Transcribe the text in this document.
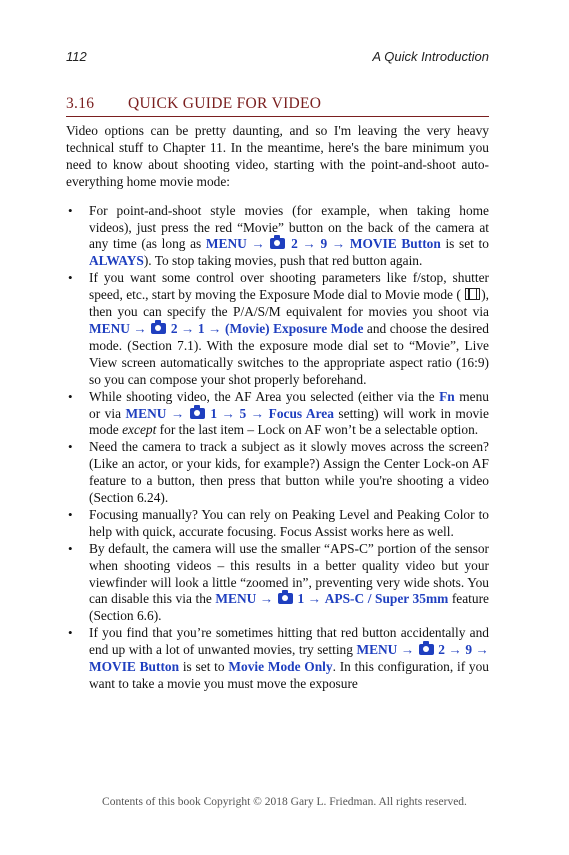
112	A Quick Introduction
3.16 QUICK GUIDE FOR VIDEO

Video options can be pretty daunting, and so I'm leaving the very heavy technical stuff to Chapter 11. In the meantime, here's the bare minimum you need to know about shooting video, starting with the point-and-shoot auto-everything home movie mode:

• For point-and-shoot style movies (for example, when taking home videos), just press the red “Movie” button on the back of the camera at any time (as long as MENU → 2 → 9 → MOVIE Button is set to ALWAYS). To stop taking movies, push that red button again.
• If you want some control over shooting parameters like f/stop, shutter speed, etc., start by moving the Exposure Mode dial to Movie mode ( ), then you can specify the P/A/S/M equivalent for movies you shoot via MENU → 2 → 1 → (Movie) Exposure Mode and choose the desired mode. (Section 7.1). With the exposure mode dial set to “Movie”, Live View screen automatically switches to the appropriate aspect ratio (16:9) so you can compose your shot properly beforehand.
• While shooting video, the AF Area you selected (either via the Fn menu or via MENU → 1 → 5 → Focus Area setting) will work in movie mode except for the last item – Lock on AF won’t be a selectable option.
• Need the camera to track a subject as it slowly moves across the screen? (Like an actor, or your kids, for example?) Assign the Center Lock-on AF feature to a button, then press that button while you're shooting a video (Section 6.24).
• Focusing manually? You can rely on Peaking Level and Peaking Color to help with quick, accurate focusing. Focus Assist works here as well.
• By default, the camera will use the smaller “APS-C” portion of the sensor when shooting videos – this results in a better quality video but your viewfinder will look a little “zoomed in”, preventing very wide shots. You can disable this via the MENU → 1 → APS-C / Super 35mm feature (Section 6.6).
• If you find that you’re sometimes hitting that red button accidentally and end up with a lot of unwanted movies, try setting MENU → 2 → 9 → MOVIE Button is set to Movie Mode Only. In this configuration, if you want to take a movie you must move the exposure
Contents of this book Copyright © 2018 Gary L. Friedman. All rights reserved.
